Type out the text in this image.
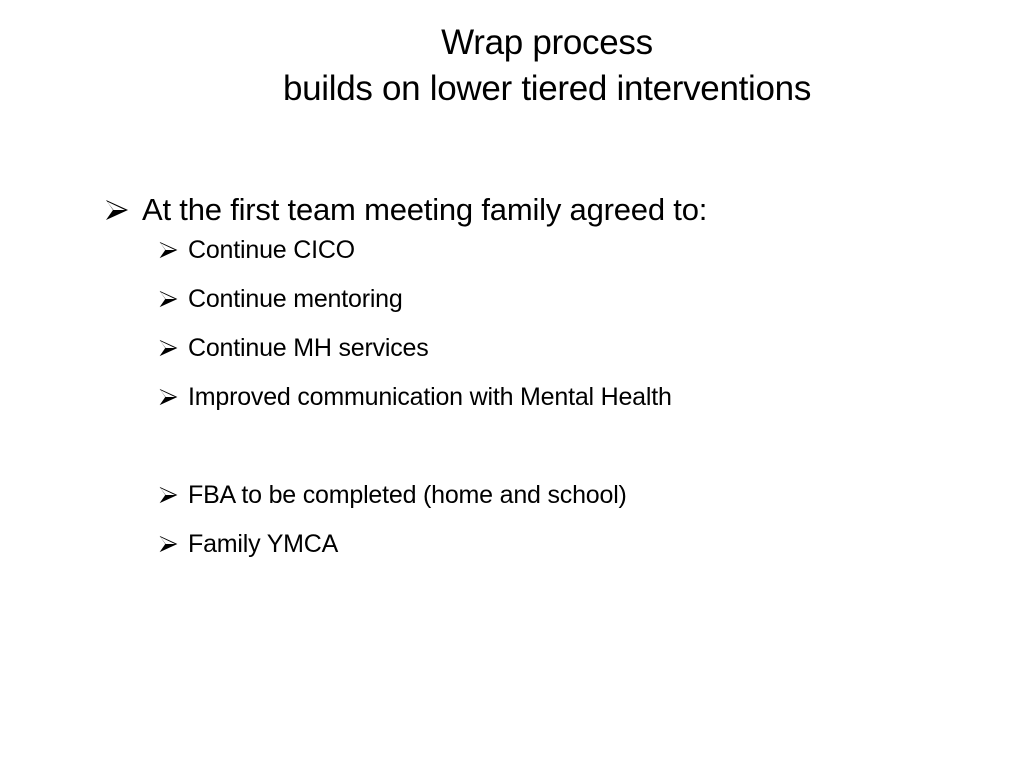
Wrap process
builds on lower tiered interventions
At the first team meeting family agreed to:
Continue CICO
Continue mentoring
Continue MH services
Improved communication with Mental Health
FBA to be completed (home and school)
Family YMCA
